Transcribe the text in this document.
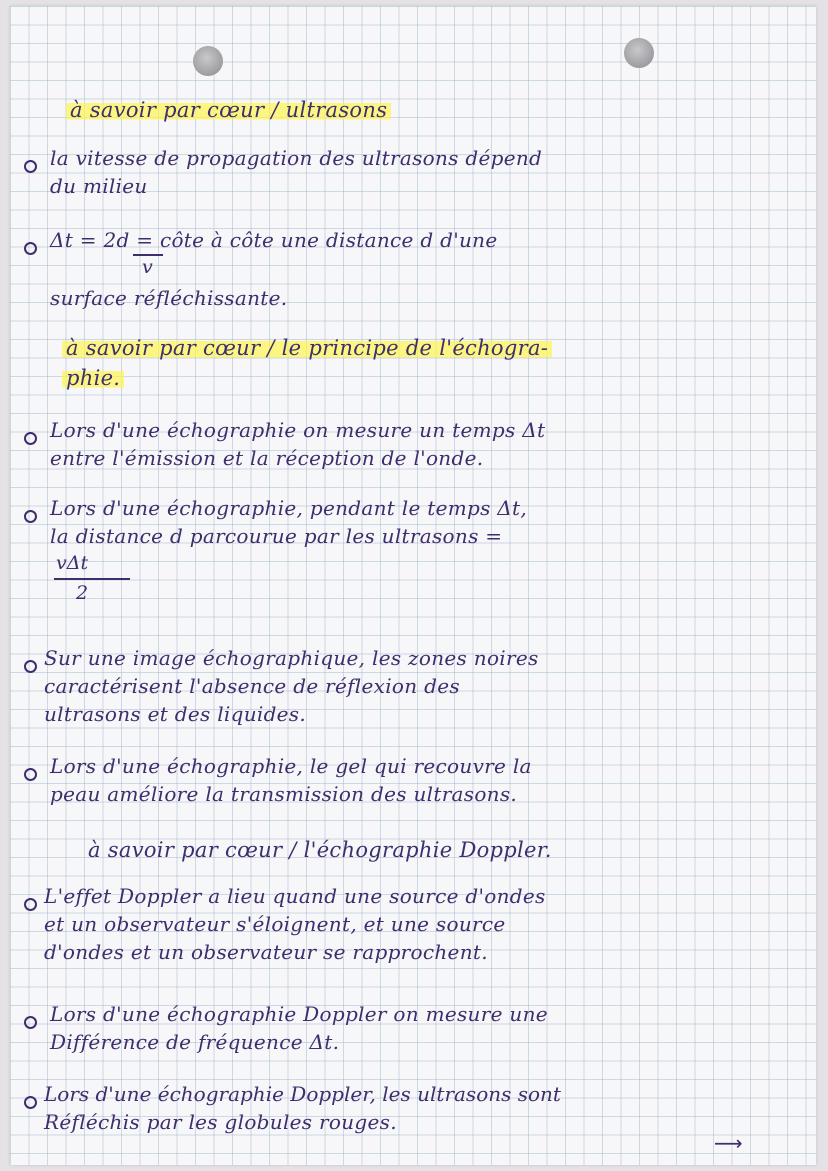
à savoir par cœur / ultrasons
la vitesse de propagation des ultrasons dépend
du milieu
Δt = 2d = côte à côte une distance d d'une
v
surface réfléchissante.
à savoir par cœur / le principe de l'échogra-
phie.
Lors d'une échographie on mesure un temps Δt
entre l'émission et la réception de l'onde.
Lors d'une échographie, pendant le temps Δt,
la distance d parcourue par les ultrasons =
vΔt
2
Sur une image échographique, les zones noires
caractérisent l'absence de réflexion des
ultrasons et des liquides.
Lors d'une échographie, le gel qui recouvre la
peau améliore la transmission des ultrasons.
à savoir par cœur / l'échographie Doppler.
L'effet Doppler a lieu quand une source d'ondes
et un observateur s'éloignent, et une source
d'ondes et un observateur se rapprochent.
Lors d'une échographie Doppler on mesure une
Différence de fréquence Δt.
Lors d'une échographie Doppler, les ultrasons sont
Réfléchis par les globules rouges.
⟶
